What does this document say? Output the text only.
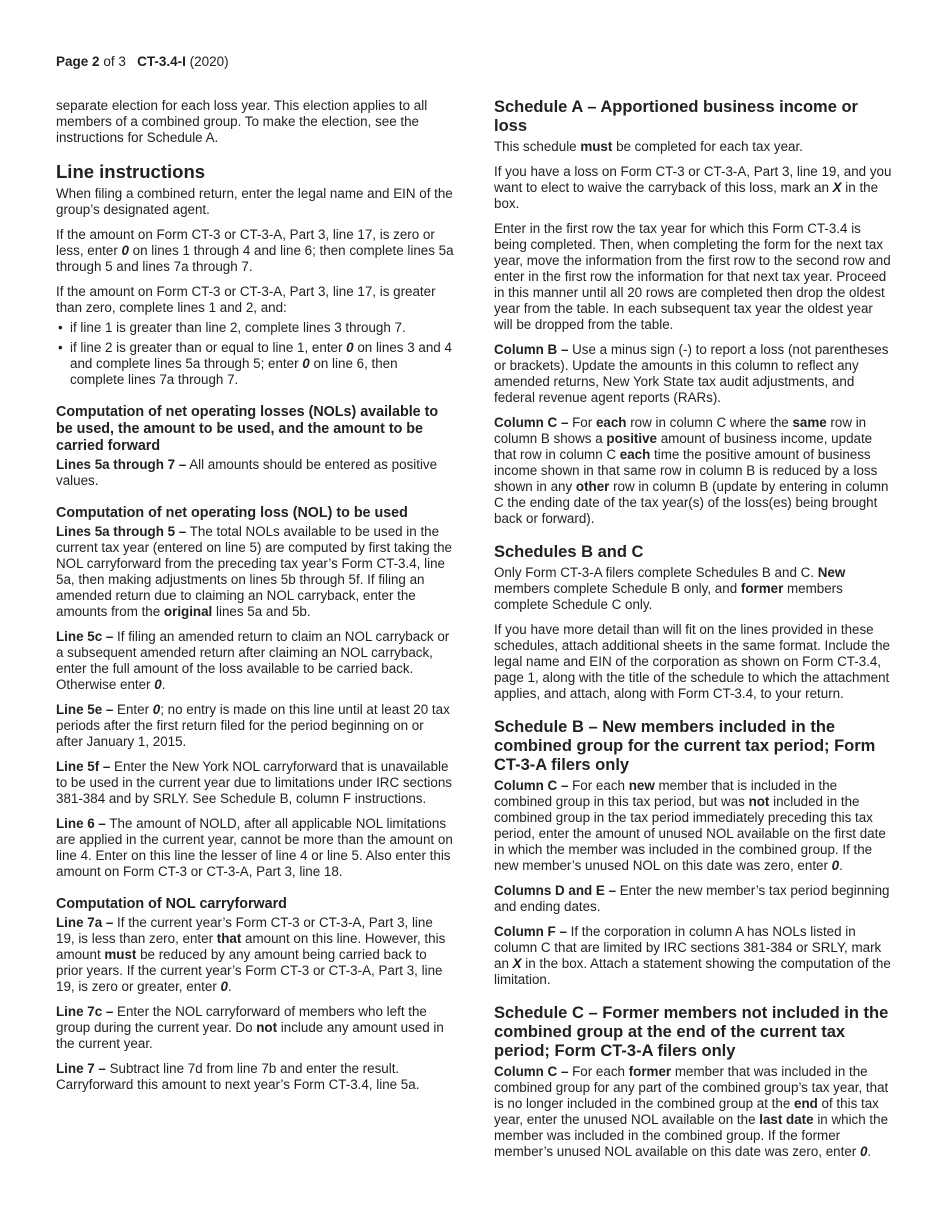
Page 2 of 3 CT-3.4-I (2020)

separate election for each loss year. This election applies to all members of a combined group. To make the election, see the instructions for Schedule A.

Line instructions

When filing a combined return, enter the legal name and EIN of the group’s designated agent.

If the amount on Form CT-3 or CT-3-A, Part 3, line 17, is zero or less, enter 0 on lines 1 through 4 and line 6; then complete lines 5a through 5 and lines 7a through 7.

If the amount on Form CT-3 or CT-3-A, Part 3, line 17, is greater than zero, complete lines 1 and 2, and:

• if line 1 is greater than line 2, complete lines 3 through 7.
• if line 2 is greater than or equal to line 1, enter 0 on lines 3 and 4 and complete lines 5a through 5; enter 0 on line 6, then complete lines 7a through 7.
Computation of net operating losses (NOLs) available to be used, the amount to be used, and the amount to be carried forward

Lines 5a through 7 – All amounts should be entered as positive values.

Computation of net operating loss (NOL) to be used

Lines 5a through 5 – The total NOLs available to be used in the current tax year (entered on line 5) are computed by first taking the NOL carryforward from the preceding tax year’s Form CT-3.4, line 5a, then making adjustments on lines 5b through 5f. If filing an amended return due to claiming an NOL carryback, enter the amounts from the original lines 5a and 5b.

Line 5c – If filing an amended return to claim an NOL carryback or a subsequent amended return after claiming an NOL carryback, enter the full amount of the loss available to be carried back. Otherwise enter 0.

Line 5e – Enter 0; no entry is made on this line until at least 20 tax periods after the first return filed for the period beginning on or after January 1, 2015.

Line 5f – Enter the New York NOL carryforward that is unavailable to be used in the current year due to limitations under IRC sections 381-384 and by SRLY. See Schedule B, column F instructions.

Line 6 – The amount of NOLD, after all applicable NOL limitations are applied in the current year, cannot be more than the amount on line 4. Enter on this line the lesser of line 4 or line 5. Also enter this amount on Form CT-3 or CT-3-A, Part 3, line 18.

Computation of NOL carryforward

Line 7a – If the current year’s Form CT-3 or CT-3-A, Part 3, line 19, is less than zero, enter that amount on this line. However, this amount must be reduced by any amount being carried back to prior years. If the current year’s Form CT-3 or CT-3-A, Part 3, line 19, is zero or greater, enter 0.

Line 7c – Enter the NOL carryforward of members who left the group during the current year. Do not include any amount used in the current year.

Line 7 – Subtract line 7d from line 7b and enter the result. Carryforward this amount to next year’s Form CT-3.4, line 5a.

Schedule A – Apportioned business income or loss

This schedule must be completed for each tax year.

If you have a loss on Form CT-3 or CT-3-A, Part 3, line 19, and you want to elect to waive the carryback of this loss, mark an X in the box.

Enter in the first row the tax year for which this Form CT-3.4 is being completed. Then, when completing the form for the next tax year, move the information from the first row to the second row and enter in the first row the information for that next tax year. Proceed in this manner until all 20 rows are completed then drop the oldest year from the table. In each subsequent tax year the oldest year will be dropped from the table.

Column B – Use a minus sign (-) to report a loss (not parentheses or brackets). Update the amounts in this column to reflect any amended returns, New York State tax audit adjustments, and federal revenue agent reports (RARs).

Column C – For each row in column C where the same row in column B shows a positive amount of business income, update that row in column C each time the positive amount of business income shown in that same row in column B is reduced by a loss shown in any other row in column B (update by entering in column C the ending date of the tax year(s) of the loss(es) being brought back or forward).

Schedules B and C

Only Form CT-3-A filers complete Schedules B and C. New members complete Schedule B only, and former members complete Schedule C only.

If you have more detail than will fit on the lines provided in these schedules, attach additional sheets in the same format. Include the legal name and EIN of the corporation as shown on Form CT-3.4, page 1, along with the title of the schedule to which the attachment applies, and attach, along with Form CT-3.4, to your return.

Schedule B – New members included in the combined group for the current tax period; Form CT-3-A filers only

Column C – For each new member that is included in the combined group in this tax period, but was not included in the combined group in the tax period immediately preceding this tax period, enter the amount of unused NOL available on the first date in which the member was included in the combined group. If the new member’s unused NOL on this date was zero, enter 0.

Columns D and E – Enter the new member’s tax period beginning and ending dates.

Column F – If the corporation in column A has NOLs listed in column C that are limited by IRC sections 381-384 or SRLY, mark an X in the box. Attach a statement showing the computation of the limitation.

Schedule C – Former members not included in the combined group at the end of the current tax period; Form CT-3-A filers only

Column C – For each former member that was included in the combined group for any part of the combined group’s tax year, that is no longer included in the combined group at the end of this tax year, enter the unused NOL available on the last date in which the member was included in the combined group. If the former member’s unused NOL available on this date was zero, enter 0.
